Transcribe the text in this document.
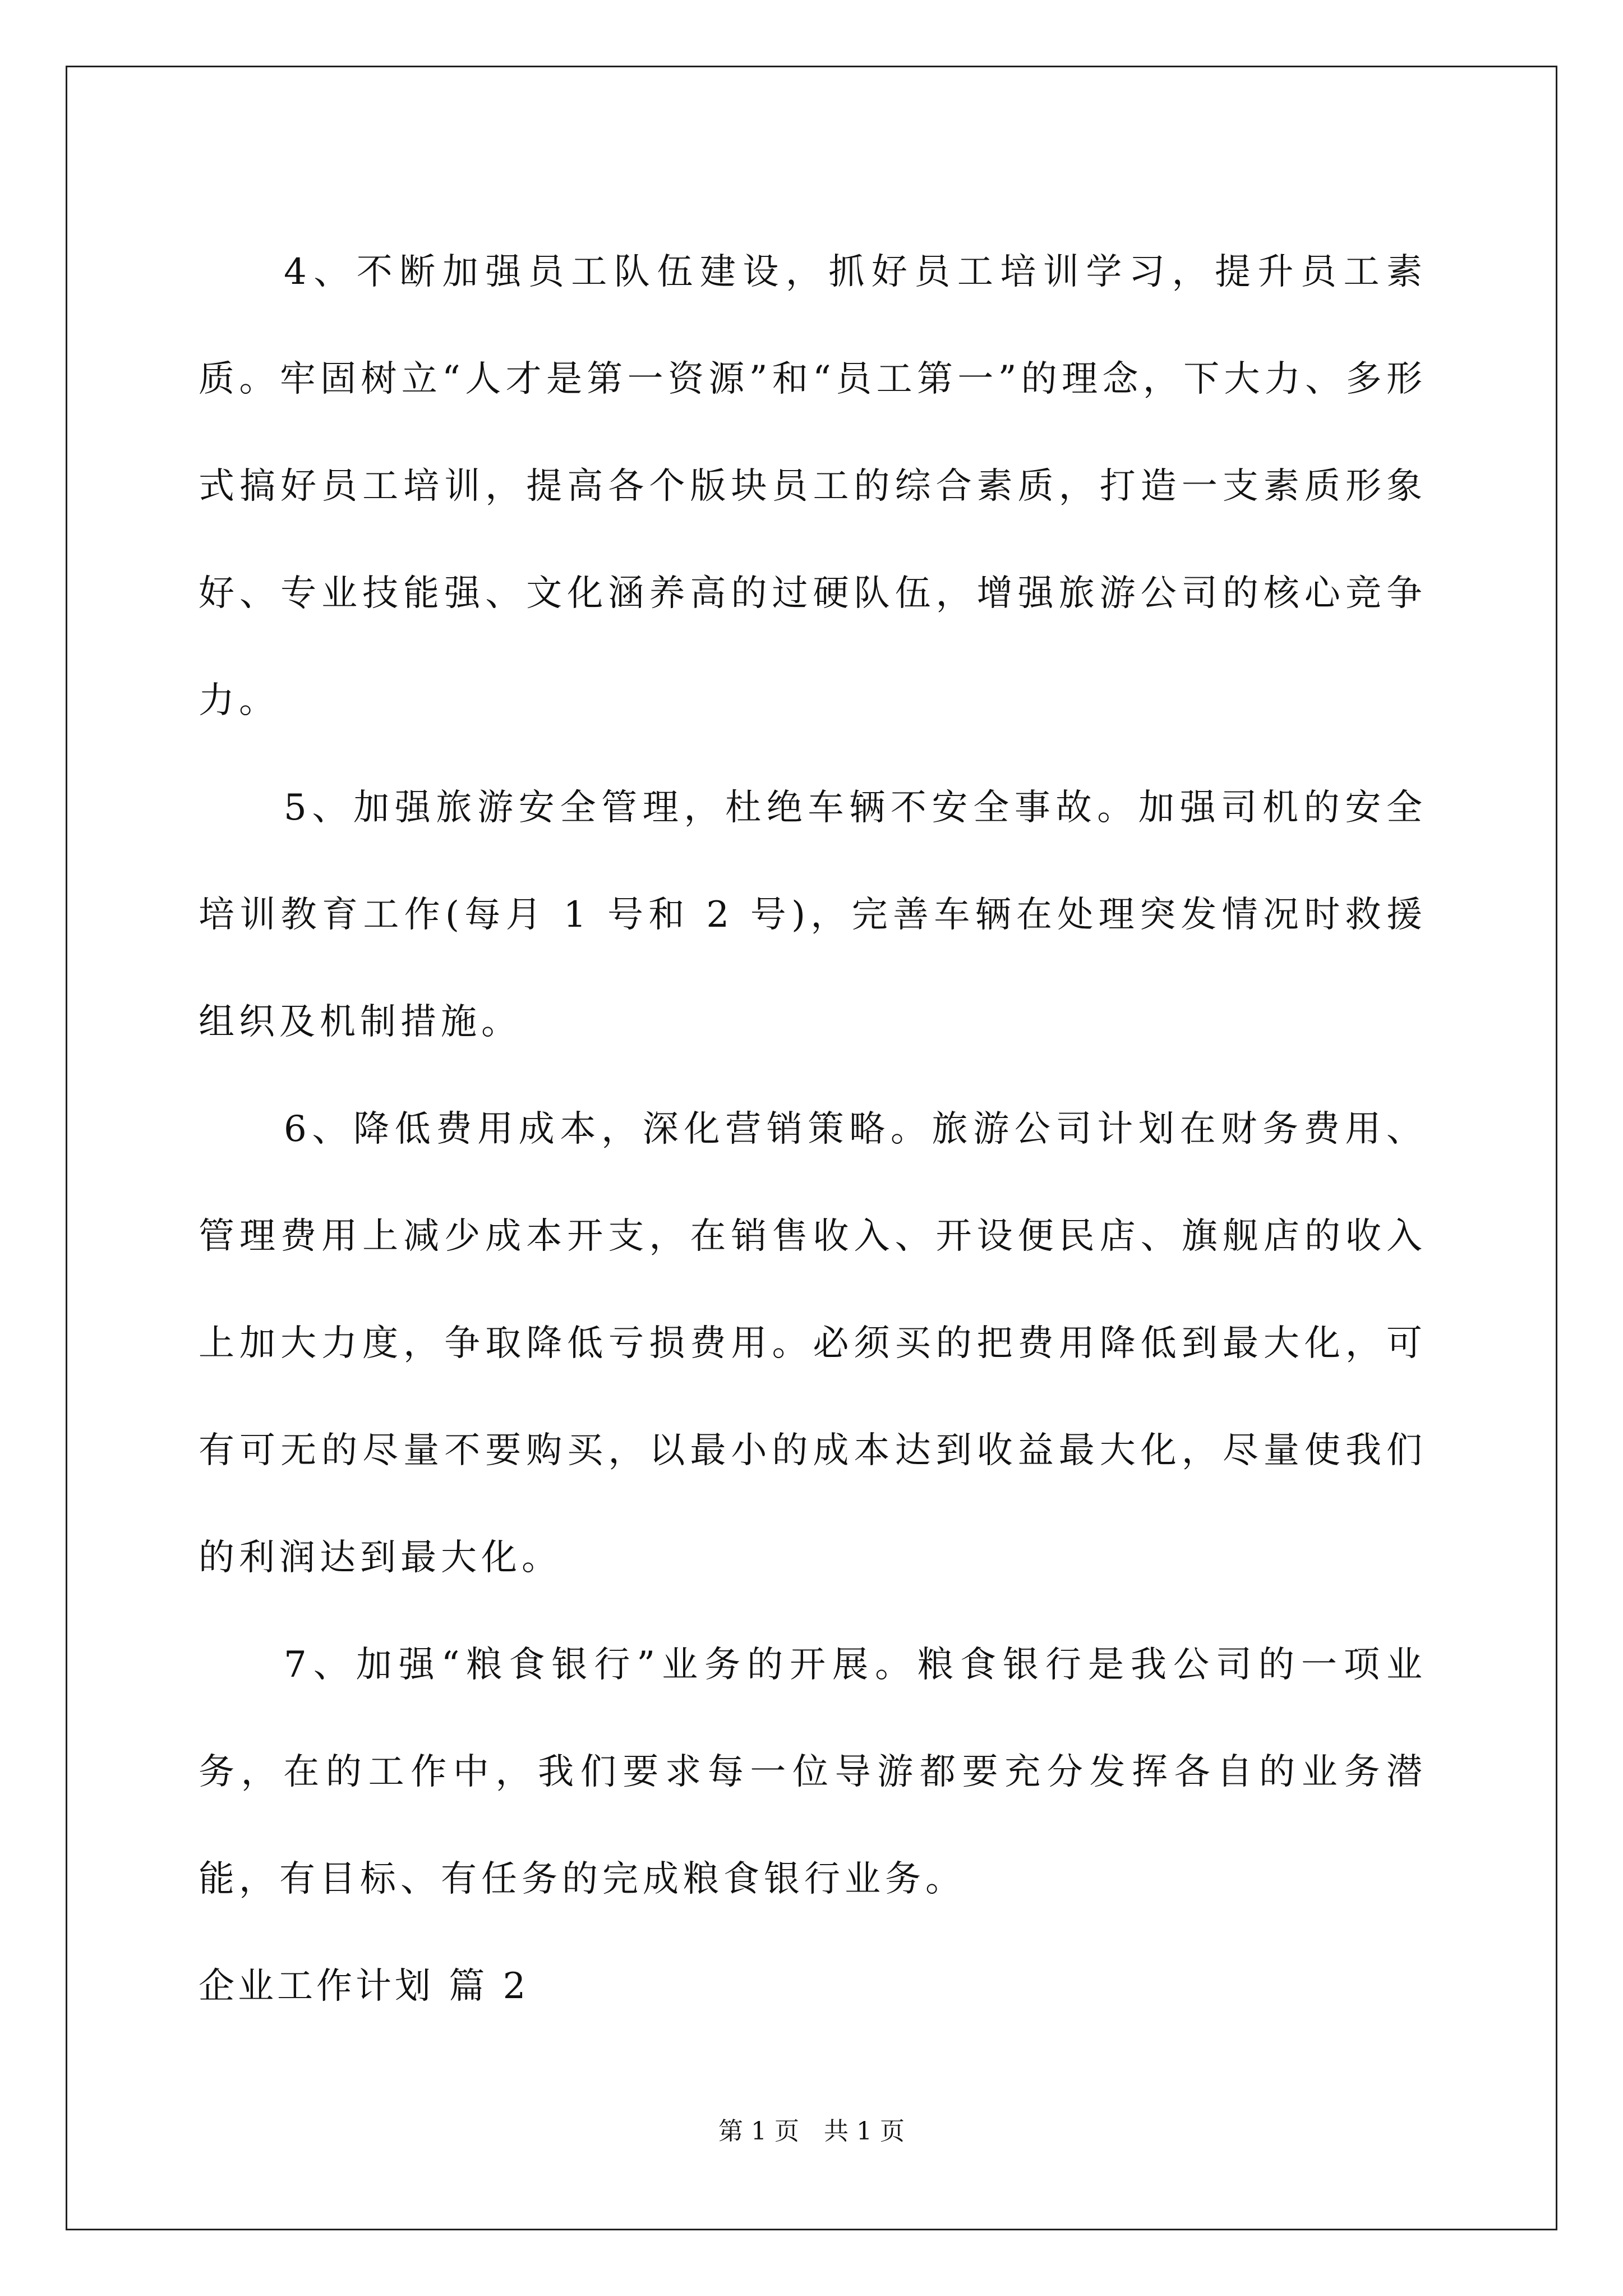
4、不断加强员工队伍建设，抓好员工培训学习，提升员工素质。牢固树立“人才是第一资源”和“员工第一”的理念，下大力、多形式搞好员工培训，提高各个版块员工的综合素质，打造一支素质形象好、专业技能强、文化涵养高的过硬队伍，增强旅游公司的核心竞争力。

5、加强旅游安全管理，杜绝车辆不安全事故。加强司机的安全培训教育工作(每月 1 号和 2 号)，完善车辆在处理突发情况时救援组织及机制措施。

6、降低费用成本，深化营销策略。旅游公司计划在财务费用、管理费用上减少成本开支，在销售收入、开设便民店、旗舰店的收入上加大力度，争取降低亏损费用。必须买的把费用降低到最大化，可有可无的尽量不要购买，以最小的成本达到收益最大化，尽量使我们的利润达到最大化。

7、加强“粮食银行”业务的开展。粮食银行是我公司的一项业务，在的工作中，我们要求每一位导游都要充分发挥各自的业务潜能，有目标、有任务的完成粮食银行业务。

企业工作计划 篇 2

第 1 页 共 1 页
